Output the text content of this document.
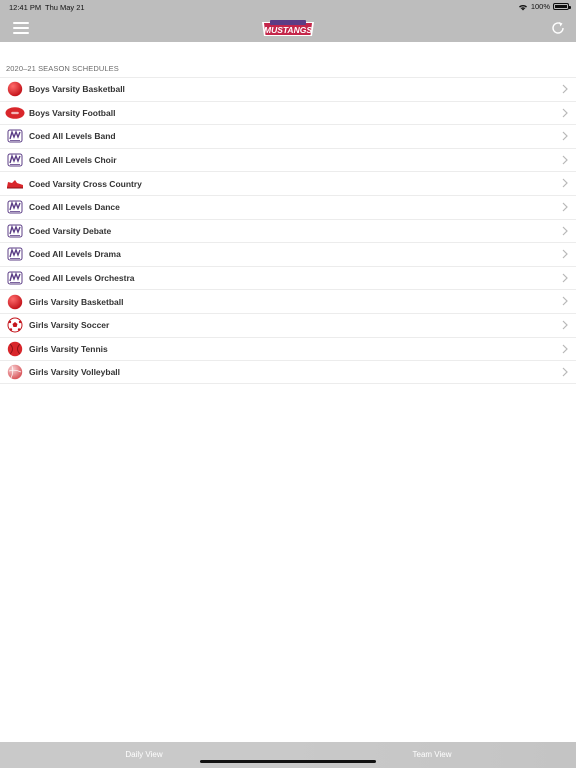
12:41 PM Thu May 21	100%
MUSTANGS
2020–21 SEASON SCHEDULES
Boys Varsity Basketball
Boys Varsity Football
Coed All Levels Band
Coed All Levels Choir
Coed Varsity Cross Country
Coed All Levels Dance
Coed Varsity Debate
Coed All Levels Drama
Coed All Levels Orchestra
Girls Varsity Basketball
Girls Varsity Soccer
Girls Varsity Tennis
Girls Varsity Volleyball
Daily View	Team View
